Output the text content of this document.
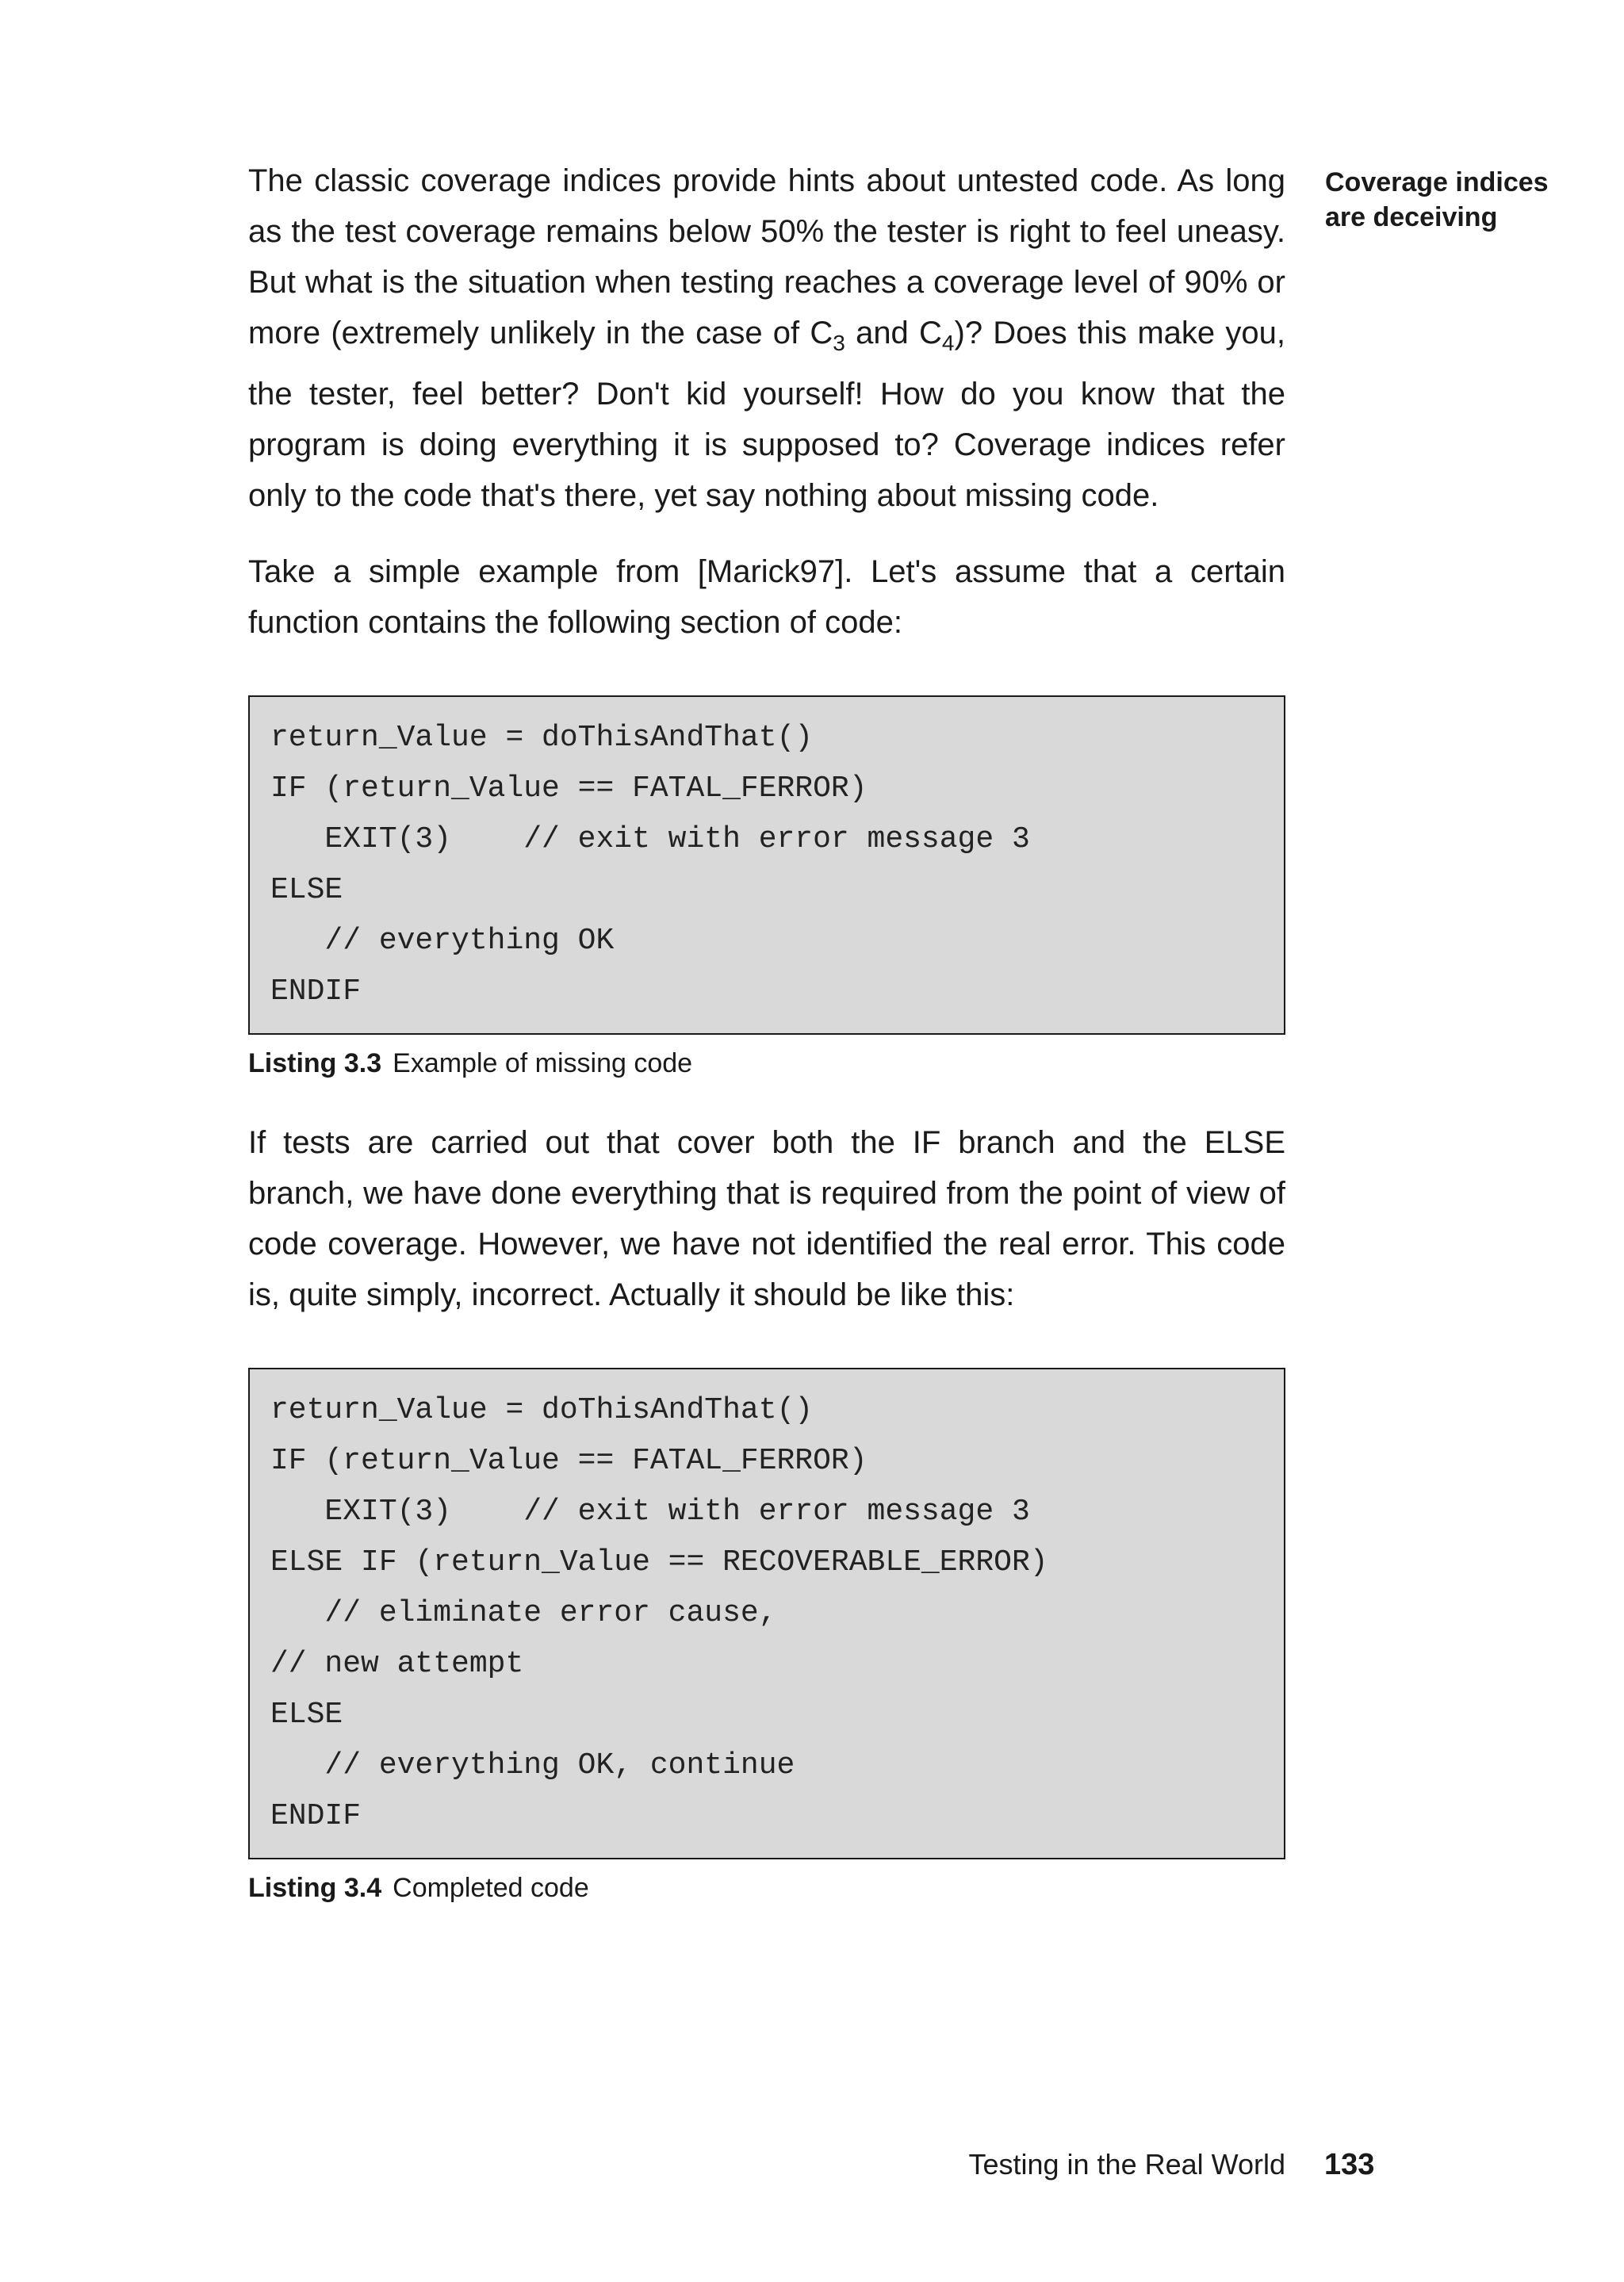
Coverage indices
are deceiving

The classic coverage indices provide hints about untested code. As long as the test coverage remains below 50% the tester is right to feel uneasy. But what is the situation when testing reaches a coverage level of 90% or more (extremely unlikely in the case of $C_3$ and $C_4$)? Does this make you, the tester, feel better? Don't kid yourself! How do you know that the program is doing everything it is supposed to? Coverage indices refer only to the code that's there, yet say nothing about missing code.

Take a simple example from [Marick97]. Let's assume that a certain function contains the following section of code:

return_Value = doThisAndThat()
IF (return_Value == FATAL_FERROR)
EXIT(3)    // exit with error message 3
ELSE
// everything OK
ENDIF
Listing 3.3 Example of missing code

If tests are carried out that cover both the IF branch and the ELSE branch, we have done everything that is required from the point of view of code coverage. However, we have not identified the real error. This code is, quite simply, incorrect. Actually it should be like this:

return_Value = doThisAndThat()
IF (return_Value == FATAL_FERROR)
EXIT(3)    // exit with error message 3
ELSE IF (return_Value == RECOVERABLE_ERROR)
// eliminate error cause,
// new attempt
ELSE
// everything OK, continue
ENDIF
Listing 3.4 Completed code
Testing in the Real World 133
